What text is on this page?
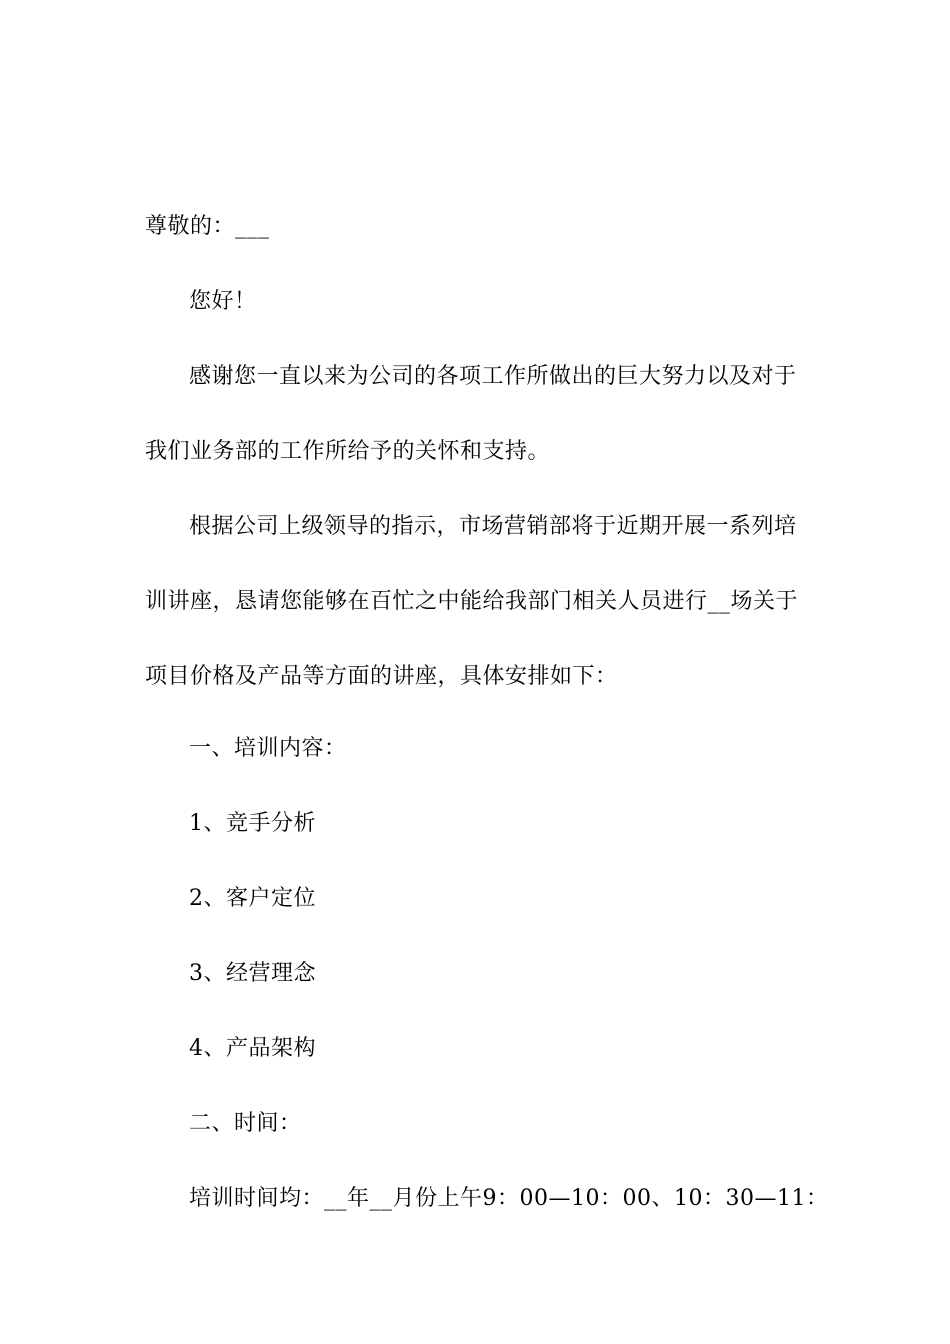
尊敬的：___
您好！
感谢您一直以来为公司的各项工作所做出的巨大努力以及对于
我们业务部的工作所给予的关怀和支持。
根据公司上级领导的指示，市场营销部将于近期开展一系列培
训讲座，恳请您能够在百忙之中能给我部门相关人员进行__场关于
项目价格及产品等方面的讲座，具体安排如下：
一、培训内容：
1、竞手分析
2、客户定位
3、经营理念
4、产品架构
二、时间：
培训时间均：__年__月份上午9：00—10：00、10：30—11：
